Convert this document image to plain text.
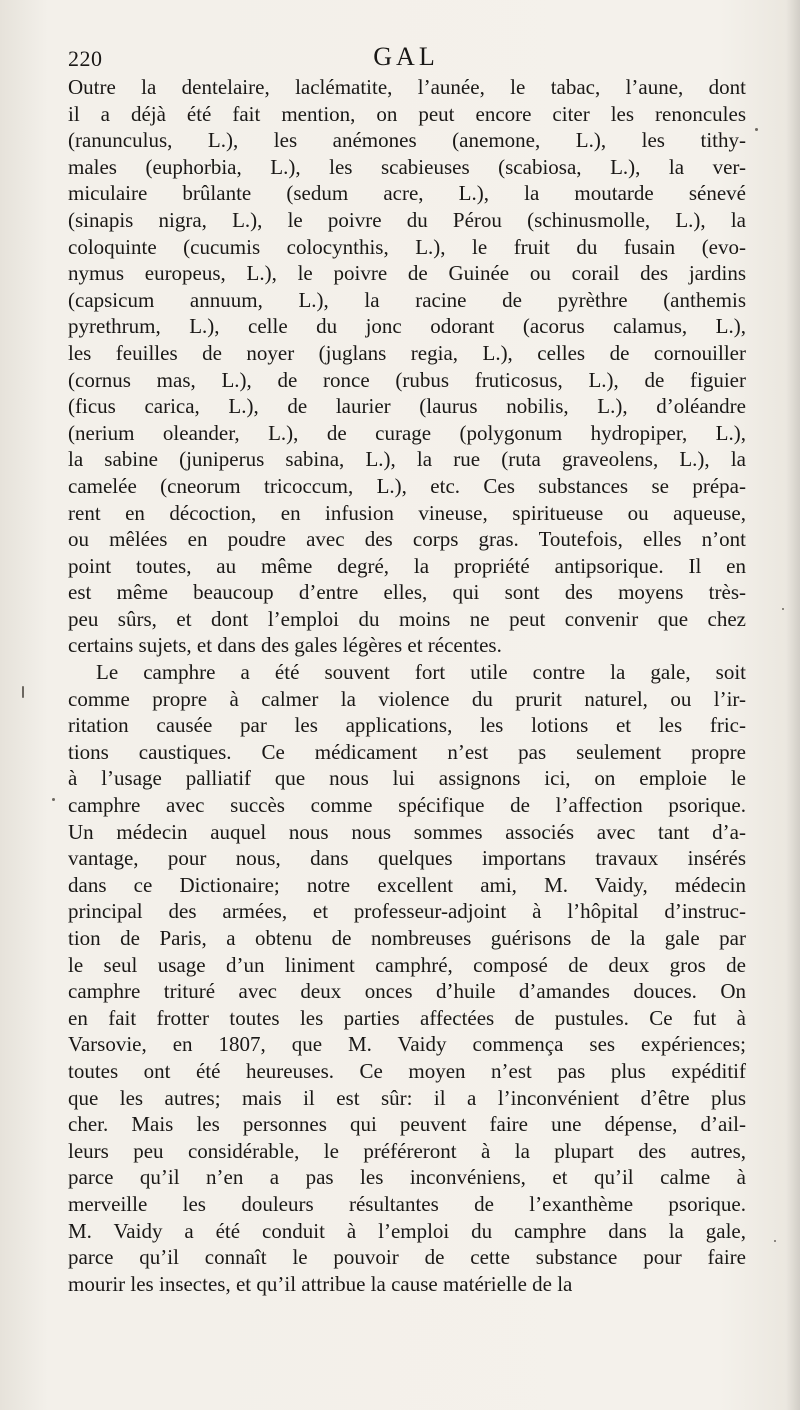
220	GAL
Outre la dentelaire, laclématite, l’aunée, le tabac, l’aune, dont
il a déjà été fait mention, on peut encore citer les renoncules
(ranunculus, L.), les anémones (anemone, L.), les tithy-
males (euphorbia, L.), les scabieuses (scabiosa, L.), la ver-
miculaire brûlante (sedum acre, L.), la moutarde sénevé
(sinapis nigra, L.), le poivre du Pérou (schinusmolle, L.), la
coloquinte (cucumis colocynthis, L.), le fruit du fusain (evo-
nymus europeus, L.), le poivre de Guinée ou corail des jardins
(capsicum annuum, L.), la racine de pyrèthre (anthemis
pyrethrum, L.), celle du jonc odorant (acorus calamus, L.),
les feuilles de noyer (juglans regia, L.), celles de cornouiller
(cornus mas, L.), de ronce (rubus fruticosus, L.), de figuier
(ficus carica, L.), de laurier (laurus nobilis, L.), d’oléandre
(nerium oleander, L.), de curage (polygonum hydropiper, L.),
la sabine (juniperus sabina, L.), la rue (ruta graveolens, L.), la
camelée (cneorum tricoccum, L.), etc. Ces substances se prépa-
rent en décoction, en infusion vineuse, spiritueuse ou aqueuse,
ou mêlées en poudre avec des corps gras. Toutefois, elles n’ont
point toutes, au même degré, la propriété antipsorique. Il en
est même beaucoup d’entre elles, qui sont des moyens très-
peu sûrs, et dont l’emploi du moins ne peut convenir que chez
certains sujets, et dans des gales légères et récentes.
Le camphre a été souvent fort utile contre la gale, soit
comme propre à calmer la violence du prurit naturel, ou l’ir-
ritation causée par les applications, les lotions et les fric-
tions caustiques. Ce médicament n’est pas seulement propre
à l’usage palliatif que nous lui assignons ici, on emploie le
camphre avec succès comme spécifique de l’affection psorique.
Un médecin auquel nous nous sommes associés avec tant d’a-
vantage, pour nous, dans quelques importans travaux insérés
dans ce Dictionaire; notre excellent ami, M. Vaidy, médecin
principal des armées, et professeur-adjoint à l’hôpital d’instruc-
tion de Paris, a obtenu de nombreuses guérisons de la gale par
le seul usage d’un liniment camphré, composé de deux gros de
camphre trituré avec deux onces d’huile d’amandes douces. On
en fait frotter toutes les parties affectées de pustules. Ce fut à
Varsovie, en 1807, que M. Vaidy commença ses expériences;
toutes ont été heureuses. Ce moyen n’est pas plus expéditif
que les autres; mais il est sûr: il a l’inconvénient d’être plus
cher. Mais les personnes qui peuvent faire une dépense, d’ail-
leurs peu considérable, le préféreront à la plupart des autres,
parce qu’il n’en a pas les inconvéniens, et qu’il calme à
merveille les douleurs résultantes de l’exanthème psorique.
M. Vaidy a été conduit à l’emploi du camphre dans la gale,
parce qu’il connaît le pouvoir de cette substance pour faire
mourir les insectes, et qu’il attribue la cause matérielle de la
